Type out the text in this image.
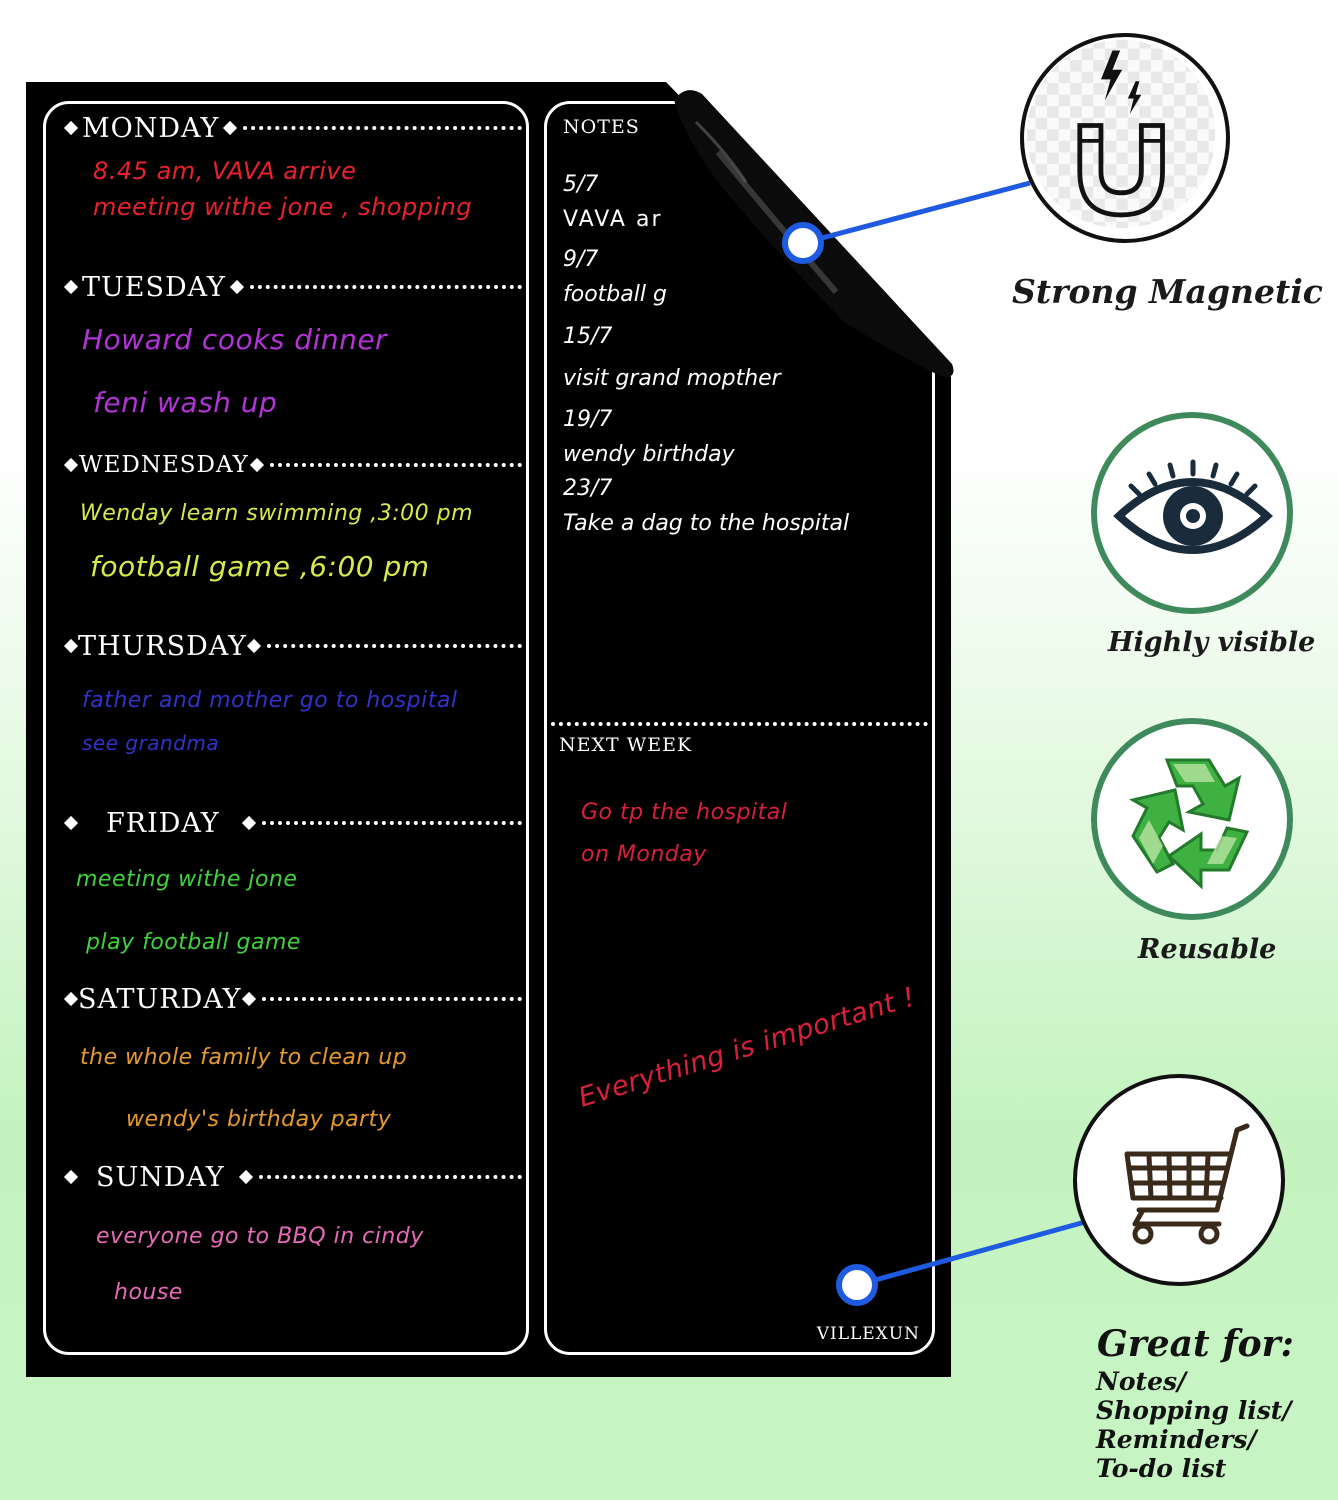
MONDAY
8.45 am, VAVA arrive
meeting withe jone , shopping
TUESDAY
Howard cooks dinner
feni wash up
WEDNESDAY
Wenday learn swimming ,3:00 pm
football game ,6:00 pm
THURSDAY
father and mother go to hospital
see grandma
FRIDAY
meeting withe jone
play football game
SATURDAY
the whole family to clean up
wendy's birthday party
SUNDAY
everyone go to BBQ in cindy
house
NOTES
5/7
VAVA ar
9/7
football g
15/7
visit grand mopther
19/7
wendy birthday
23/7
Take a dag to the hospital
NEXT WEEK
Go tp the hospital
on Monday
Everything is important !
VILLEXUN
Strong Magnetic
Highly visible
Reusable
Great for:
Notes/
Shopping list/
Reminders/
To-do list
